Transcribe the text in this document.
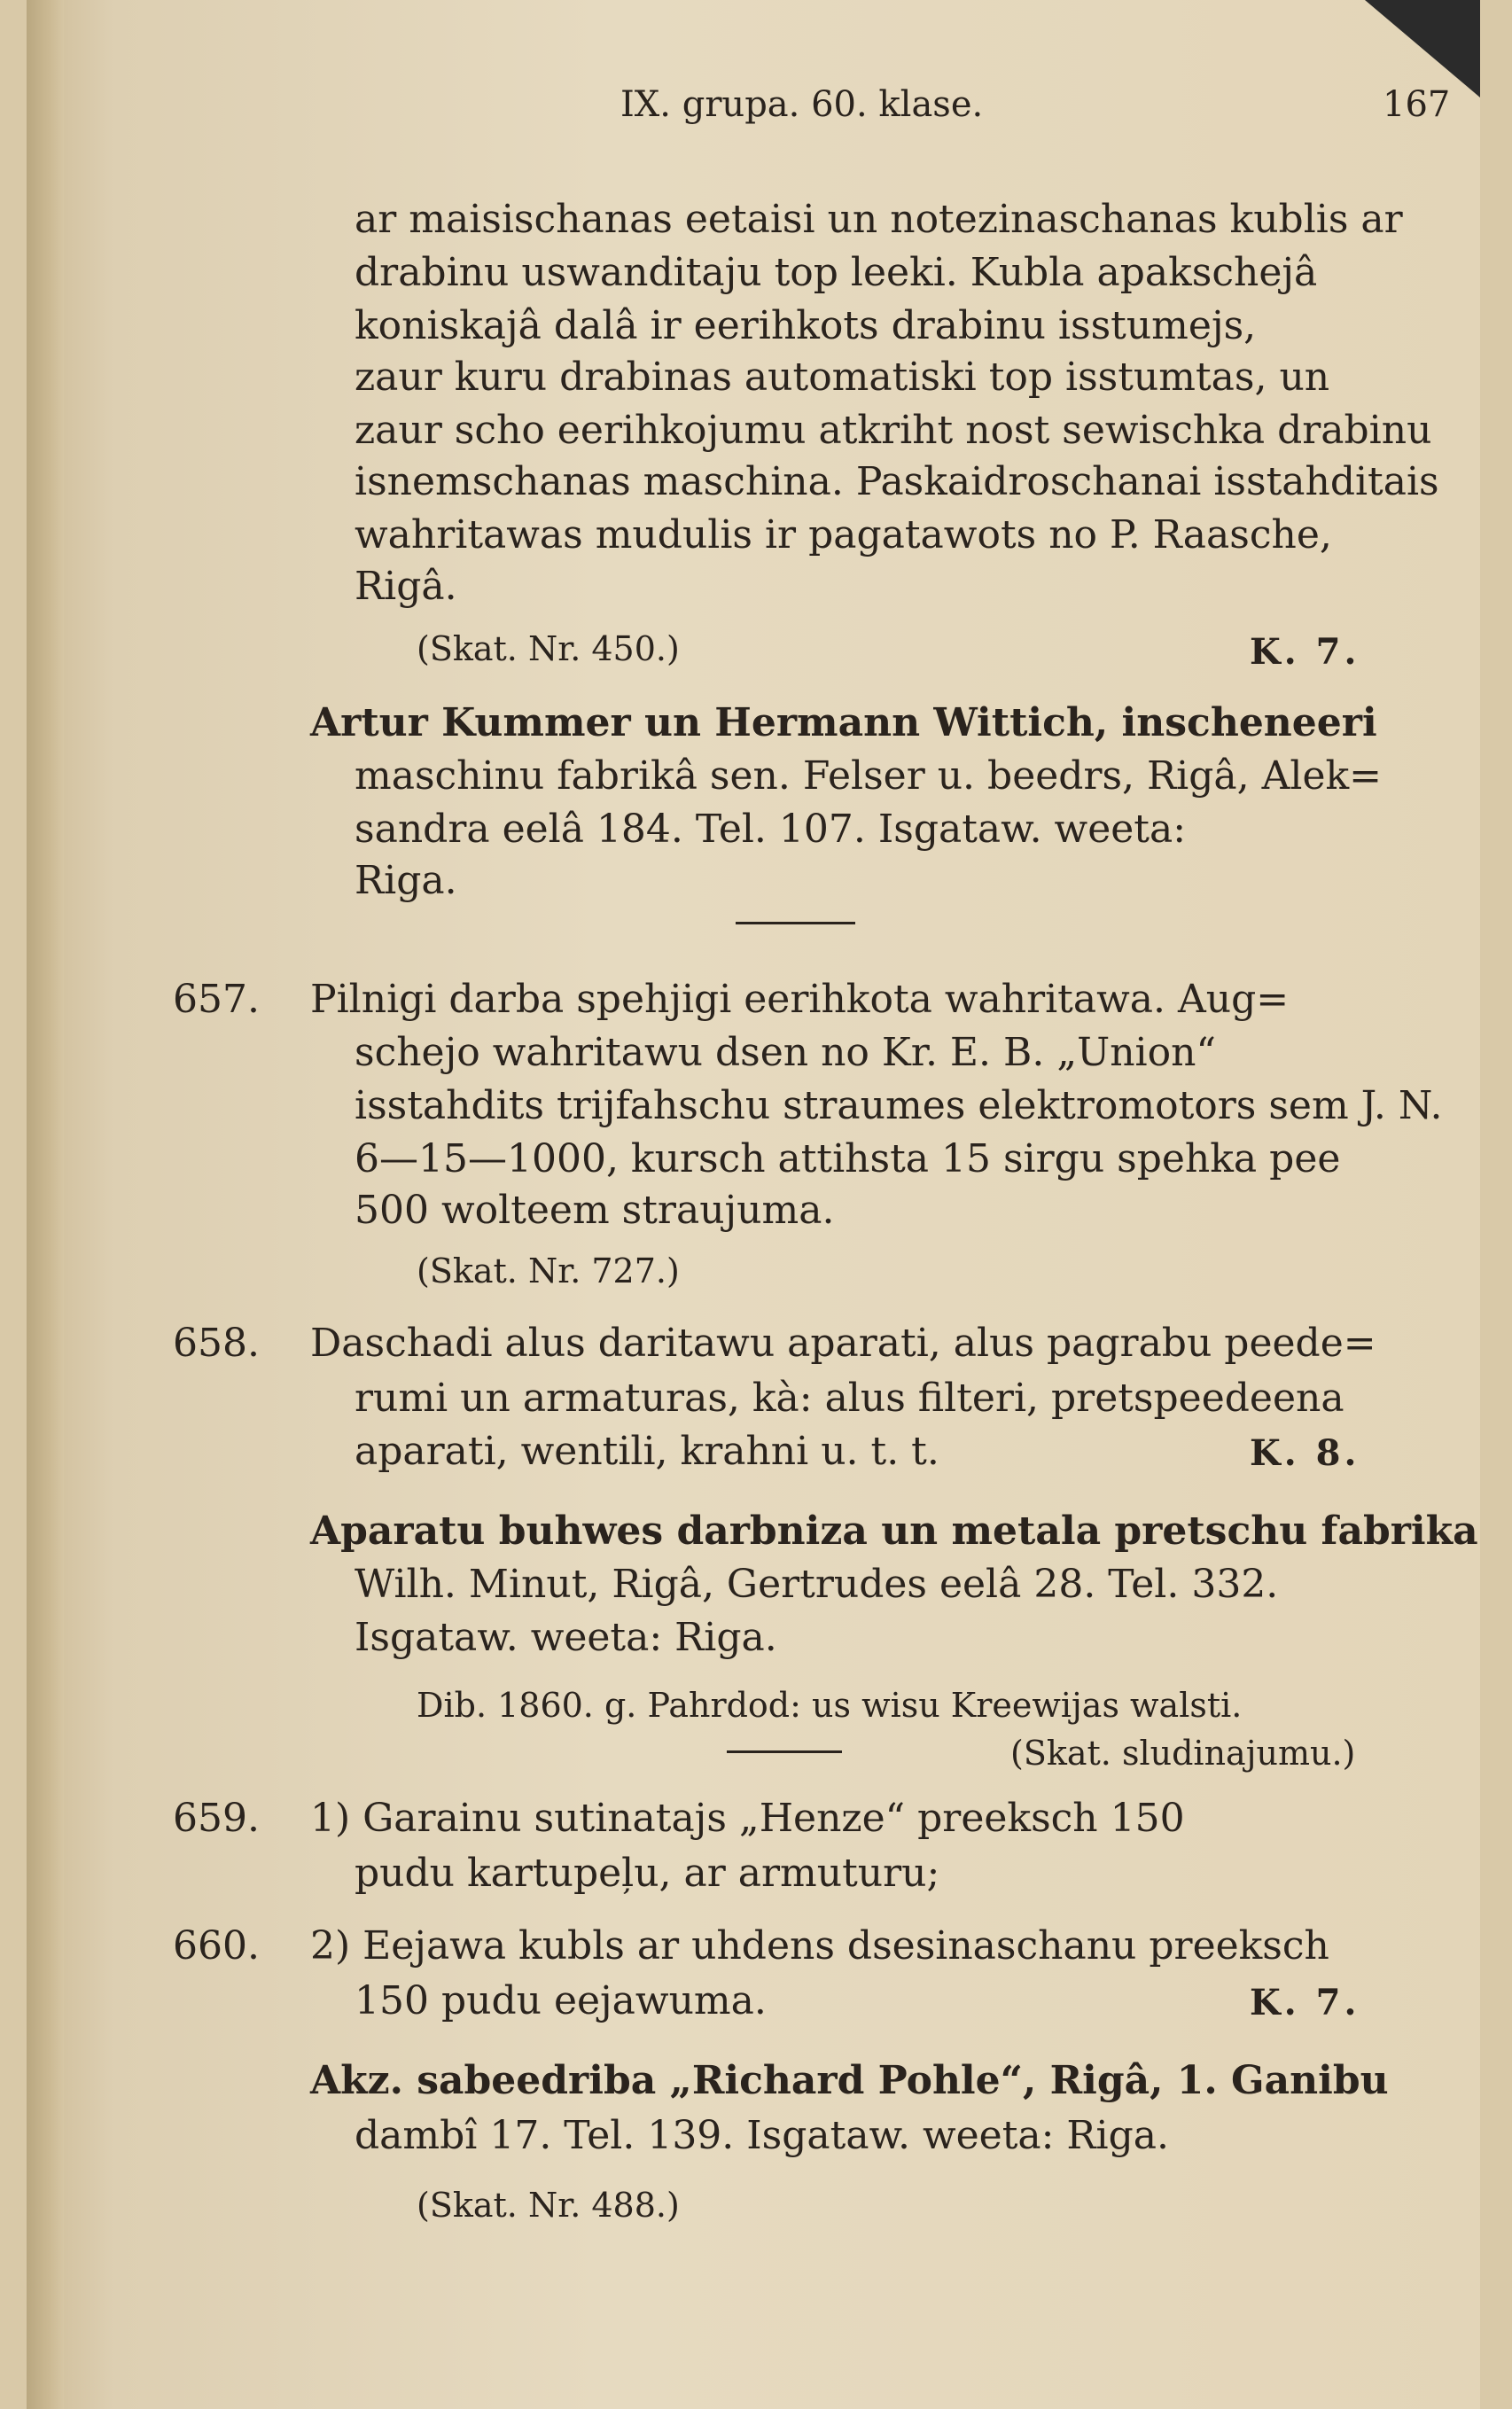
IX. grupa. 60. klase.	167
ar maisischanas eetaisi un notezinaschanas kublis ar
drabinu uswanditaju top leeki. Kubla apakschejâ
koniskajâ dalâ ir eerihkots drabinu isstumejs,
zaur kuru drabinas automatiski top isstumtas, un
zaur scho eerihkojumu atkriht nost sewischka drabinu
isnemschanas maschina. Paskaidroschanai isstahditais
wahritawas mudulis ir pagatawots no P. Raasche,
Rigâ.
(Skat. Nr. 450.)	K. 7.
Artur Kummer un Hermann Wittich, inscheneeri
maschinu fabrikâ sen. Felser u. beedrs, Rigâ, Alek=
sandra eelâ 184. Tel. 107. Isgataw. weeta:
Riga.
657. Pilnigi darba spehjigi eerihkota wahritawa. Aug=
schejo wahritawu dsen no Kr. E. B. „Union“
isstahdits trijfahschu straumes elektromotors sem J. N.
6—15—1000, kursch attihsta 15 sirgu spehka pee
500 wolteem straujuma.
(Skat. Nr. 727.)
658. Daschadi alus daritawu aparati, alus pagrabu peede=
rumi un armaturas, kà: alus filteri, pretspeedeena
aparati, wentili, krahni u. t. t.	K. 8.
Aparatu buhwes darbniza un metala pretschu fabrika
Wilh. Minut, Rigâ, Gertrudes eelâ 28. Tel. 332.
Isgataw. weeta: Riga.
Dib. 1860. g. Pahrdod: us wisu Kreewijas walsti.
(Skat. sludinajumu.)
659. 1) Garainu sutinatajs „Henze“ preeksch 150
pudu kartupeļu, ar armuturu;
660. 2) Eejawa kubls ar uhdens dsesinaschanu preeksch
150 pudu eejawuma.	K. 7.
Akz. sabeedriba „Richard Pohle“, Rigâ, 1. Ganibu
dambî 17. Tel. 139. Isgataw. weeta: Riga.
(Skat. Nr. 488.)
